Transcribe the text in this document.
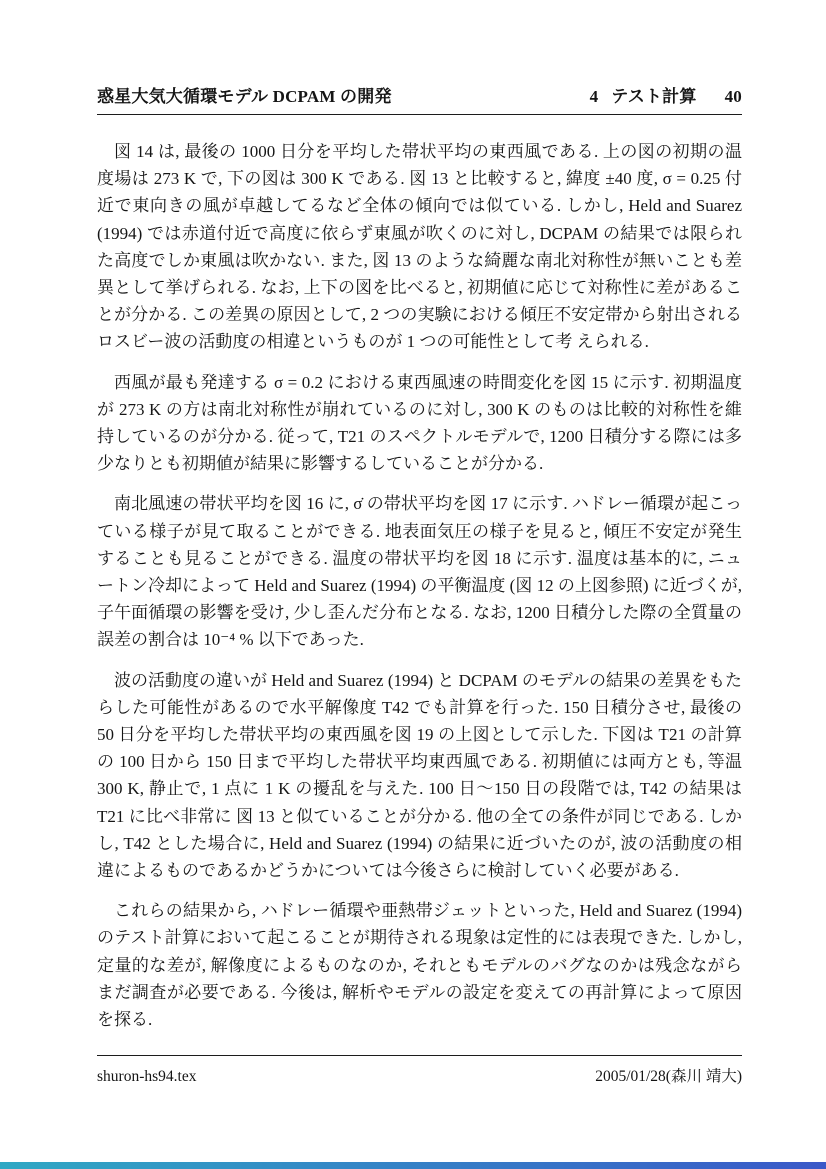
惑星大気大循環モデル DCPAM の開発	4 テスト計算 40

図 14 は, 最後の 1000 日分を平均した帯状平均の東西風である. 上の図の初期の温度場は 273 K で, 下の図は 300 K である. 図 13 と比較すると, 緯度 ±40 度, σ = 0.25 付近で東向きの風が卓越してるなど全体の傾向では似ている. しかし, Held and Suarez (1994) では赤道付近で高度に依らず東風が吹くのに対し, DCPAM の結果では限られた高度でしか東風は吹かない. また, 図 13 のような綺麗な南北対称性が無いことも差異として挙げられる. なお, 上下の図を比べると, 初期値に応じて対称性に差があることが分かる. この差異の原因として, 2 つの実験における傾圧不安定帯から射出されるロスビー波の活動度の相違というものが 1 つの可能性として考 えられる.

西風が最も発達する σ = 0.2 における東西風速の時間変化を図 15 に示す. 初期温度が 273 K の方は南北対称性が崩れているのに対し, 300 K のものは比較的対称性を維持しているのが分かる. 従って, T21 のスペクトルモデルで, 1200 日積分する際には多少なりとも初期値が結果に影響するしていることが分かる.

南北風速の帯状平均を図 16 に, σ̇ の帯状平均を図 17 に示す. ハドレー循環が起こっている様子が見て取ることができる. 地表面気圧の様子を見ると, 傾圧不安定が発生することも見ることができる. 温度の帯状平均を図 18 に示す. 温度は基本的に, ニュートン冷却によって Held and Suarez (1994) の平衡温度 (図 12 の上図参照) に近づくが, 子午面循環の影響を受け, 少し歪んだ分布となる. なお, 1200 日積分した際の全質量の誤差の割合は 10⁻⁴ % 以下であった.

波の活動度の違いが Held and Suarez (1994) と DCPAM のモデルの結果の差異をもたらした可能性があるので水平解像度 T42 でも計算を行った. 150 日積分させ, 最後の 50 日分を平均した帯状平均の東西風を図 19 の上図として示した. 下図は T21 の計算の 100 日から 150 日まで平均した帯状平均東西風である. 初期値には両方とも, 等温 300 K, 静止で, 1 点に 1 K の擾乱を与えた. 100 日〜150 日の段階では, T42 の結果は T21 に比べ非常に 図 13 と似ていることが分かる. 他の全ての条件が同じである. しかし, T42 とした場合に, Held and Suarez (1994) の結果に近づいたのが, 波の活動度の相違によるものであるかどうかについては今後さらに検討していく必要がある.

これらの結果から, ハドレー循環や亜熱帯ジェットといった, Held and Suarez (1994) のテスト計算において起こることが期待される現象は定性的には表現できた. しかし, 定量的な差が, 解像度によるものなのか, それともモデルのバグなのかは残念ながらまだ調査が必要である. 今後は, 解析やモデルの設定を変えての再計算によって原因を探る.

shuron-hs94.tex	2005/01/28(森川 靖大)
